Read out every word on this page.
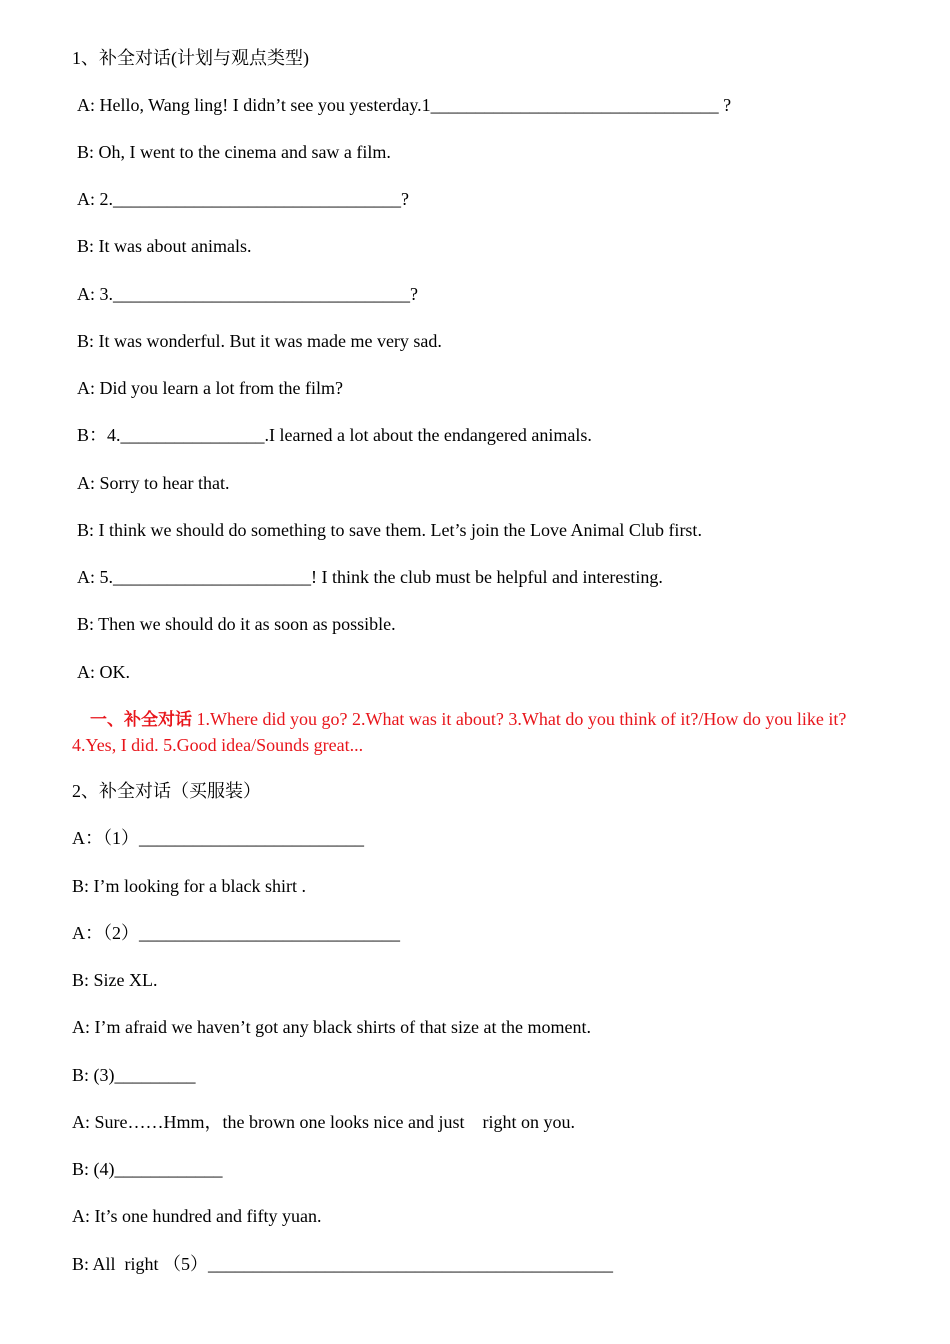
1、补全对话(计划与观点类型)
A: Hello, Wang ling! I didn’t see you yesterday.1________________________________ ?
B: Oh, I went to the cinema and saw a film.
A: 2.________________________________?
B: It was about animals.
A: 3._________________________________?
B: It was wonderful. But it was made me very sad.
A: Did you learn a lot from the film?
B：4.________________.I learned a lot about the endangered animals.
A: Sorry to hear that.
B: I think we should do something to save them. Let’s join the Love Animal Club first.
A: 5.______________________! I think the club must be helpful and interesting.
B: Then we should do it as soon as possible.
A: OK.
一、补全对话 1.Where did you go? 2.What was it about? 3.What do you think of it?/How do you like it? 4.Yes, I did. 5.Good idea/Sounds great...
2、补全对话（买服装）
A：（1）_________________________
B: I’m looking for a black shirt .
A：（2）_____________________________
B: Size XL.
A: I’m afraid we haven’t got any black shirts of that size at the moment.
B: (3)_________
A: Sure……Hmm，the brown one looks nice and just    right on you.
B: (4)____________
A: It’s one hundred and fifty yuan.
B: All  right （5）_____________________________________________
